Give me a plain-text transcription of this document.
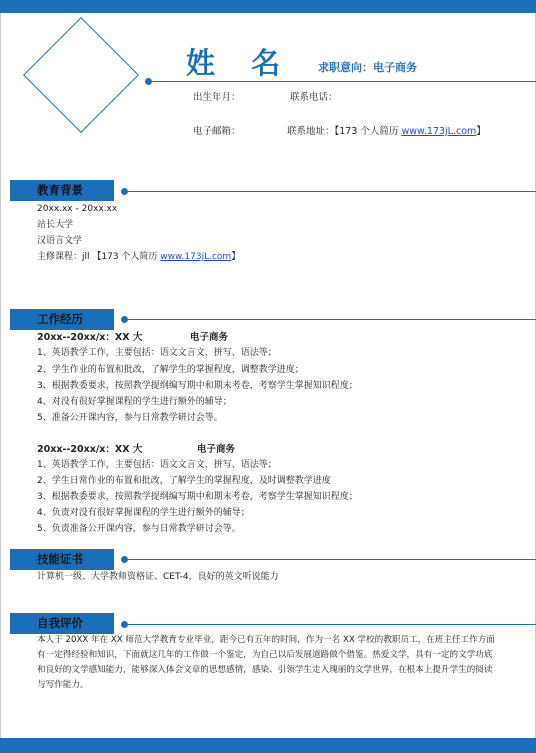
姓 名 求职意向：电子商务
出生年月：	联系电话：
电子邮箱：	联系地址：【173 个人简历 www.173jL.com】
教育背景
20xx.xx - 20xx.xx
站长大学
汉语言文学
主修课程：jll 【173 个人简历 www.173jL.com】
工作经历
20xx--20xx/x：XX 大	电子商务
1、英语教学工作，主要包括：语文文言文、拼写、语法等；
2、学生作业的布置和批改，了解学生的掌握程度，调整教学进度；
3、根据教委要求，按照教学提纲编写期中和期末考卷，考察学生掌握知识程度；
4、对没有很好掌握课程的学生进行额外的辅导；
5、准备公开课内容，参与日常教学研讨会等。
20xx--20xx/x：XX 大	电子商务
1、英语教学工作，主要包括：语文文言文、拼写、语法等；
2、学生日常作业的布置和批改，了解学生的掌握程度，及时调整教学进度
3、根据教委要求，按照教学提纲编写期中和期末考卷，考察学生掌握知识程度；
4、负责对没有很好掌握课程的学生进行额外的辅导；
5、负责准备公开课内容，参与日常教学研讨会等。
技能证书
计算机一级、大学教师资格证、CET-4，良好的英文听说能力
自我评价
本人于 20XX 年在 XX 师范大学教育专业毕业，距今已有五年的时间，作为一名 XX 学校的教职员工，在班主任工作方面有一定得经验和知识，下面就这几年的工作做一个鉴定，为自己以后发展道路做个借鉴。热爱文学，具有一定的文学功底和良好的文学感知能力，能够深入体会文章的思想感情，感染、引领学生走入瑰丽的文学世界，在根本上提升学生的阅读与写作能力。
